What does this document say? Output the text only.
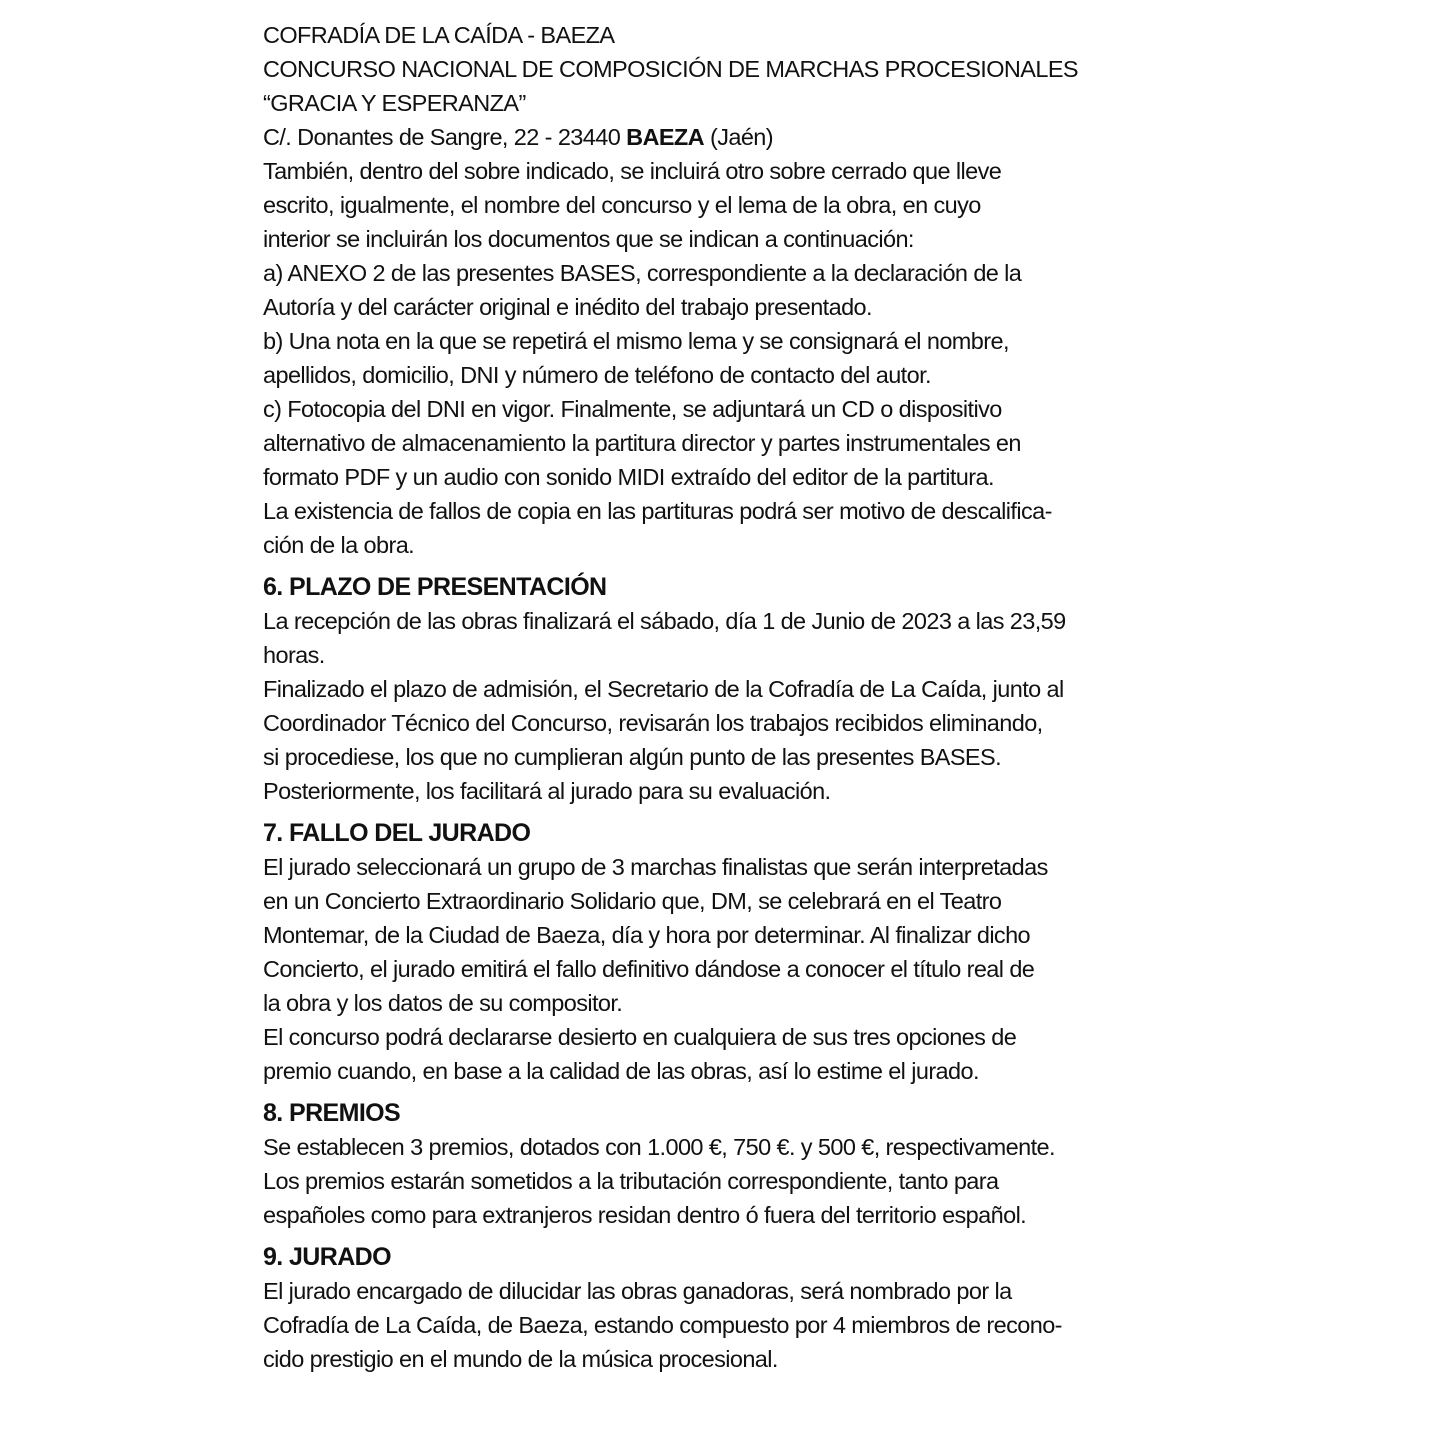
COFRADÍA DE LA CAÍDA - BAEZA
CONCURSO NACIONAL DE COMPOSICIÓN DE MARCHAS PROCESIONALES
“GRACIA Y ESPERANZA”
C/. Donantes de Sangre, 22 - 23440 BAEZA (Jaén)
También, dentro del sobre indicado, se incluirá otro sobre cerrado que lleve
escrito, igualmente, el nombre del concurso y el lema de la obra, en cuyo
interior se incluirán los documentos que se indican a continuación:
a) ANEXO 2 de las presentes BASES, correspondiente a la declaración de la
Autoría y del carácter original e inédito del trabajo presentado.
b) Una nota en la que se repetirá el mismo lema y se consignará el nombre,
apellidos, domicilio, DNI y número de teléfono de contacto del autor.
c) Fotocopia del DNI en vigor. Finalmente, se adjuntará un CD o dispositivo
alternativo de almacenamiento la partitura director y partes instrumentales en
formato PDF y un audio con sonido MIDI extraído del editor de la partitura.
La existencia de fallos de copia en las partituras podrá ser motivo de descalifica-
ción de la obra.
6. PLAZO DE PRESENTACIÓN
La recepción de las obras finalizará el sábado, día 1 de Junio de 2023 a las 23,59
horas.
Finalizado el plazo de admisión, el Secretario de la Cofradía de La Caída, junto al
Coordinador Técnico del Concurso, revisarán los trabajos recibidos eliminando,
si procediese, los que no cumplieran algún punto de las presentes BASES.
Posteriormente, los facilitará al jurado para su evaluación.
7. FALLO DEL JURADO
El jurado seleccionará un grupo de 3 marchas finalistas que serán interpretadas
en un Concierto Extraordinario Solidario que, DM, se celebrará en el Teatro
Montemar, de la Ciudad de Baeza, día y hora por determinar. Al finalizar dicho
Concierto, el jurado emitirá el fallo definitivo dándose a conocer el título real de
la obra y los datos de su compositor.
El concurso podrá declararse desierto en cualquiera de sus tres opciones de
premio cuando, en base a la calidad de las obras, así lo estime el jurado.
8. PREMIOS
Se establecen 3 premios, dotados con 1.000 €, 750 €. y 500 €, respectivamente.
Los premios estarán sometidos a la tributación correspondiente, tanto para
españoles como para extranjeros residan dentro ó fuera del territorio español.
9. JURADO
El jurado encargado de dilucidar las obras ganadoras, será nombrado por la
Cofradía de La Caída, de Baeza, estando compuesto por 4 miembros de recono-
cido prestigio en el mundo de la música procesional.
